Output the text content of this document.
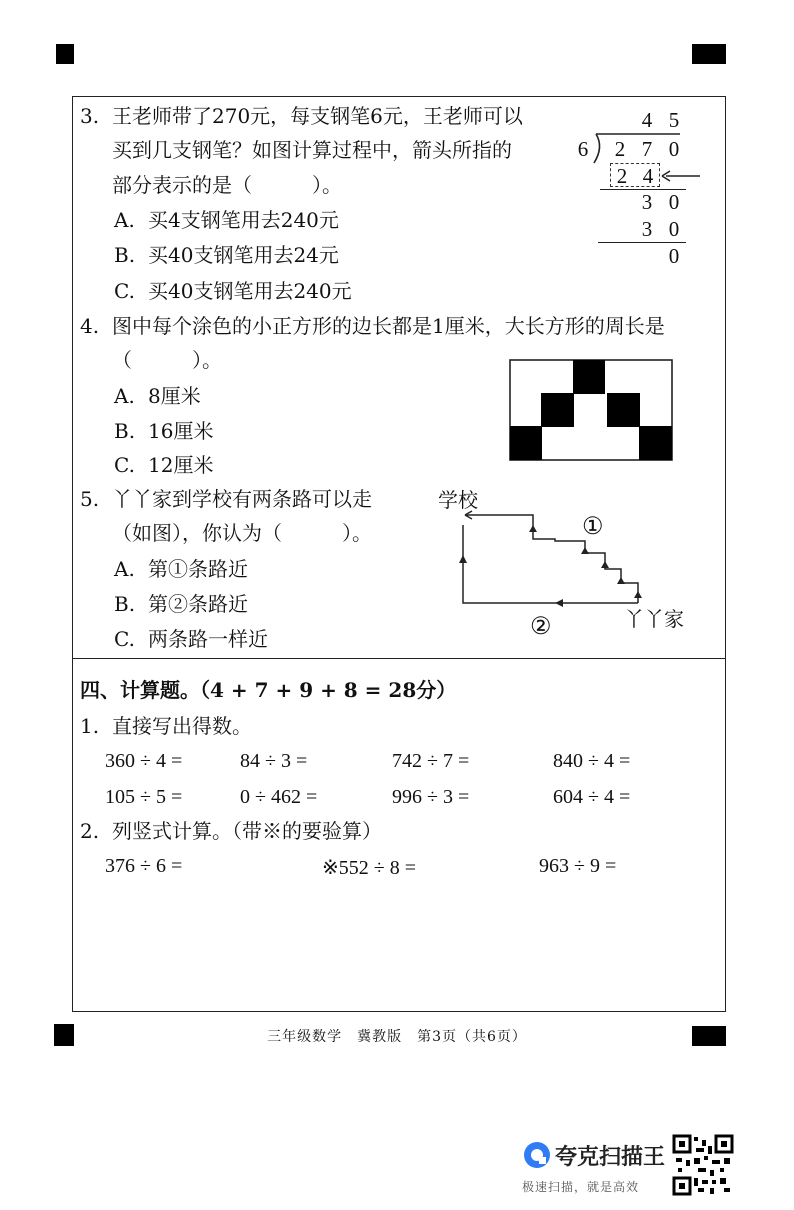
3. 王老师带了270元，每支钢笔6元，王老师可以
买到几支钢笔？如图计算过程中，箭头所指的
部分表示的是（　　　）。
A. 买4支钢笔用去240元
B. 买40支钢笔用去24元
C. 买40支钢笔用去240元
4 5
6	2 7 0
2 4
3 0
3 0
0
4. 图中每个涂色的小正方形的边长都是1厘米，大长方形的周长是
（　　　）。
A. 8厘米
B. 16厘米
C. 12厘米
5. 丫丫家到学校有两条路可以走
（如图），你认为（　　　）。
A. 第①条路近
B. 第②条路近
C. 两条路一样近
学校
丫丫家
①
②
四、计算题。（4 + 7 + 9 + 8 = 28分）
1. 直接写出得数。
360 ÷ 4 =	84 ÷ 3 =	742 ÷ 7 =	840 ÷ 4 =
105 ÷ 5 =	0 ÷ 462 =	996 ÷ 3 =	604 ÷ 4 =
2. 列竖式计算。（带※的要验算）
376 ÷ 6 =	※552 ÷ 8 =	963 ÷ 9 =
三年级数学　冀教版　第3页（共6页）
夸克扫描王
极速扫描，就是高效
